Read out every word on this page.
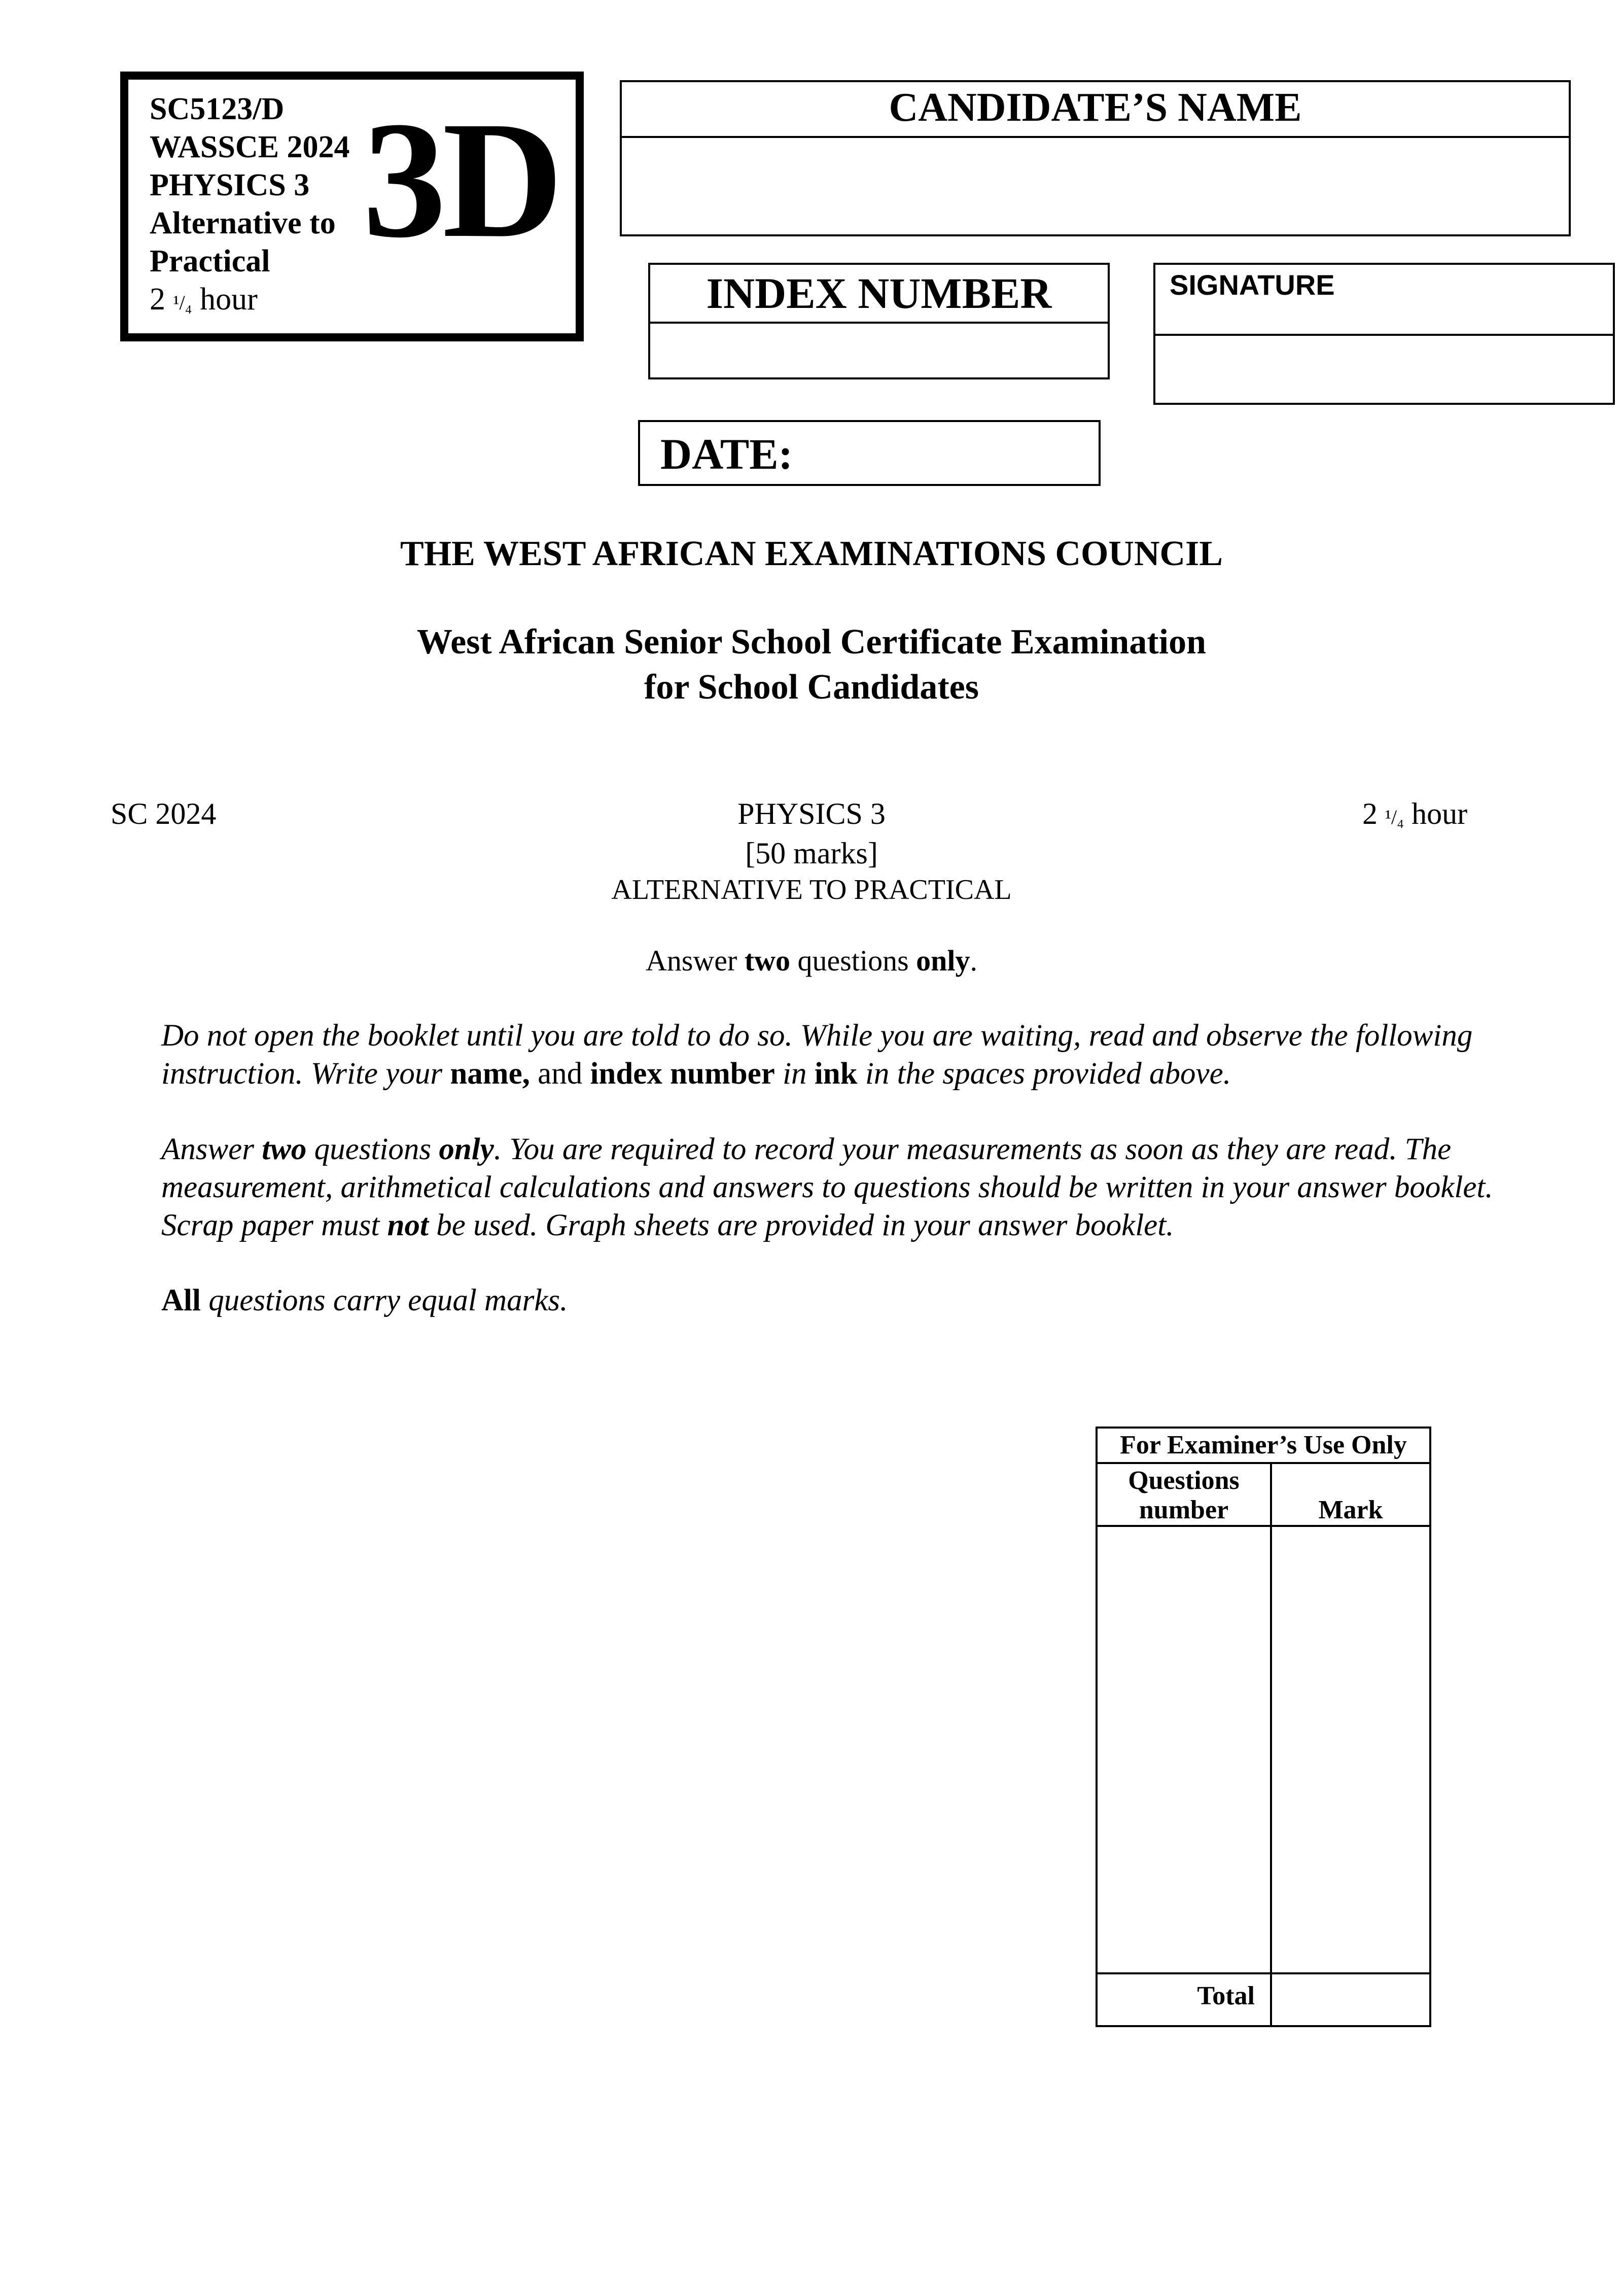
SC5123/D
WASSCE 2024
PHYSICS 3
Alternative to
Practical
2 ¹/₄ hour
3D	CANDIDATE’S NAME
INDEX NUMBER	SIGNATURE
DATE:
THE WEST AFRICAN EXAMINATIONS COUNCIL
West African Senior School Certificate Examination
for School Candidates
SC 2024	PHYSICS 3	2 ¹/₄ hour
[50 marks]
ALTERNATIVE TO PRACTICAL
Answer two questions only.
Do not open the booklet until you are told to do so. While you are waiting, read and observe the following instruction. Write your name, and index number in ink in the spaces provided above.
Answer two questions only. You are required to record your measurements as soon as they are read. The measurement, arithmetical calculations and answers to questions should be written in your answer booklet. Scrap paper must not be used. Graph sheets are provided in your answer booklet.
All questions carry equal marks.
For Examiner’s Use Only
Questions
number	Mark
Total
